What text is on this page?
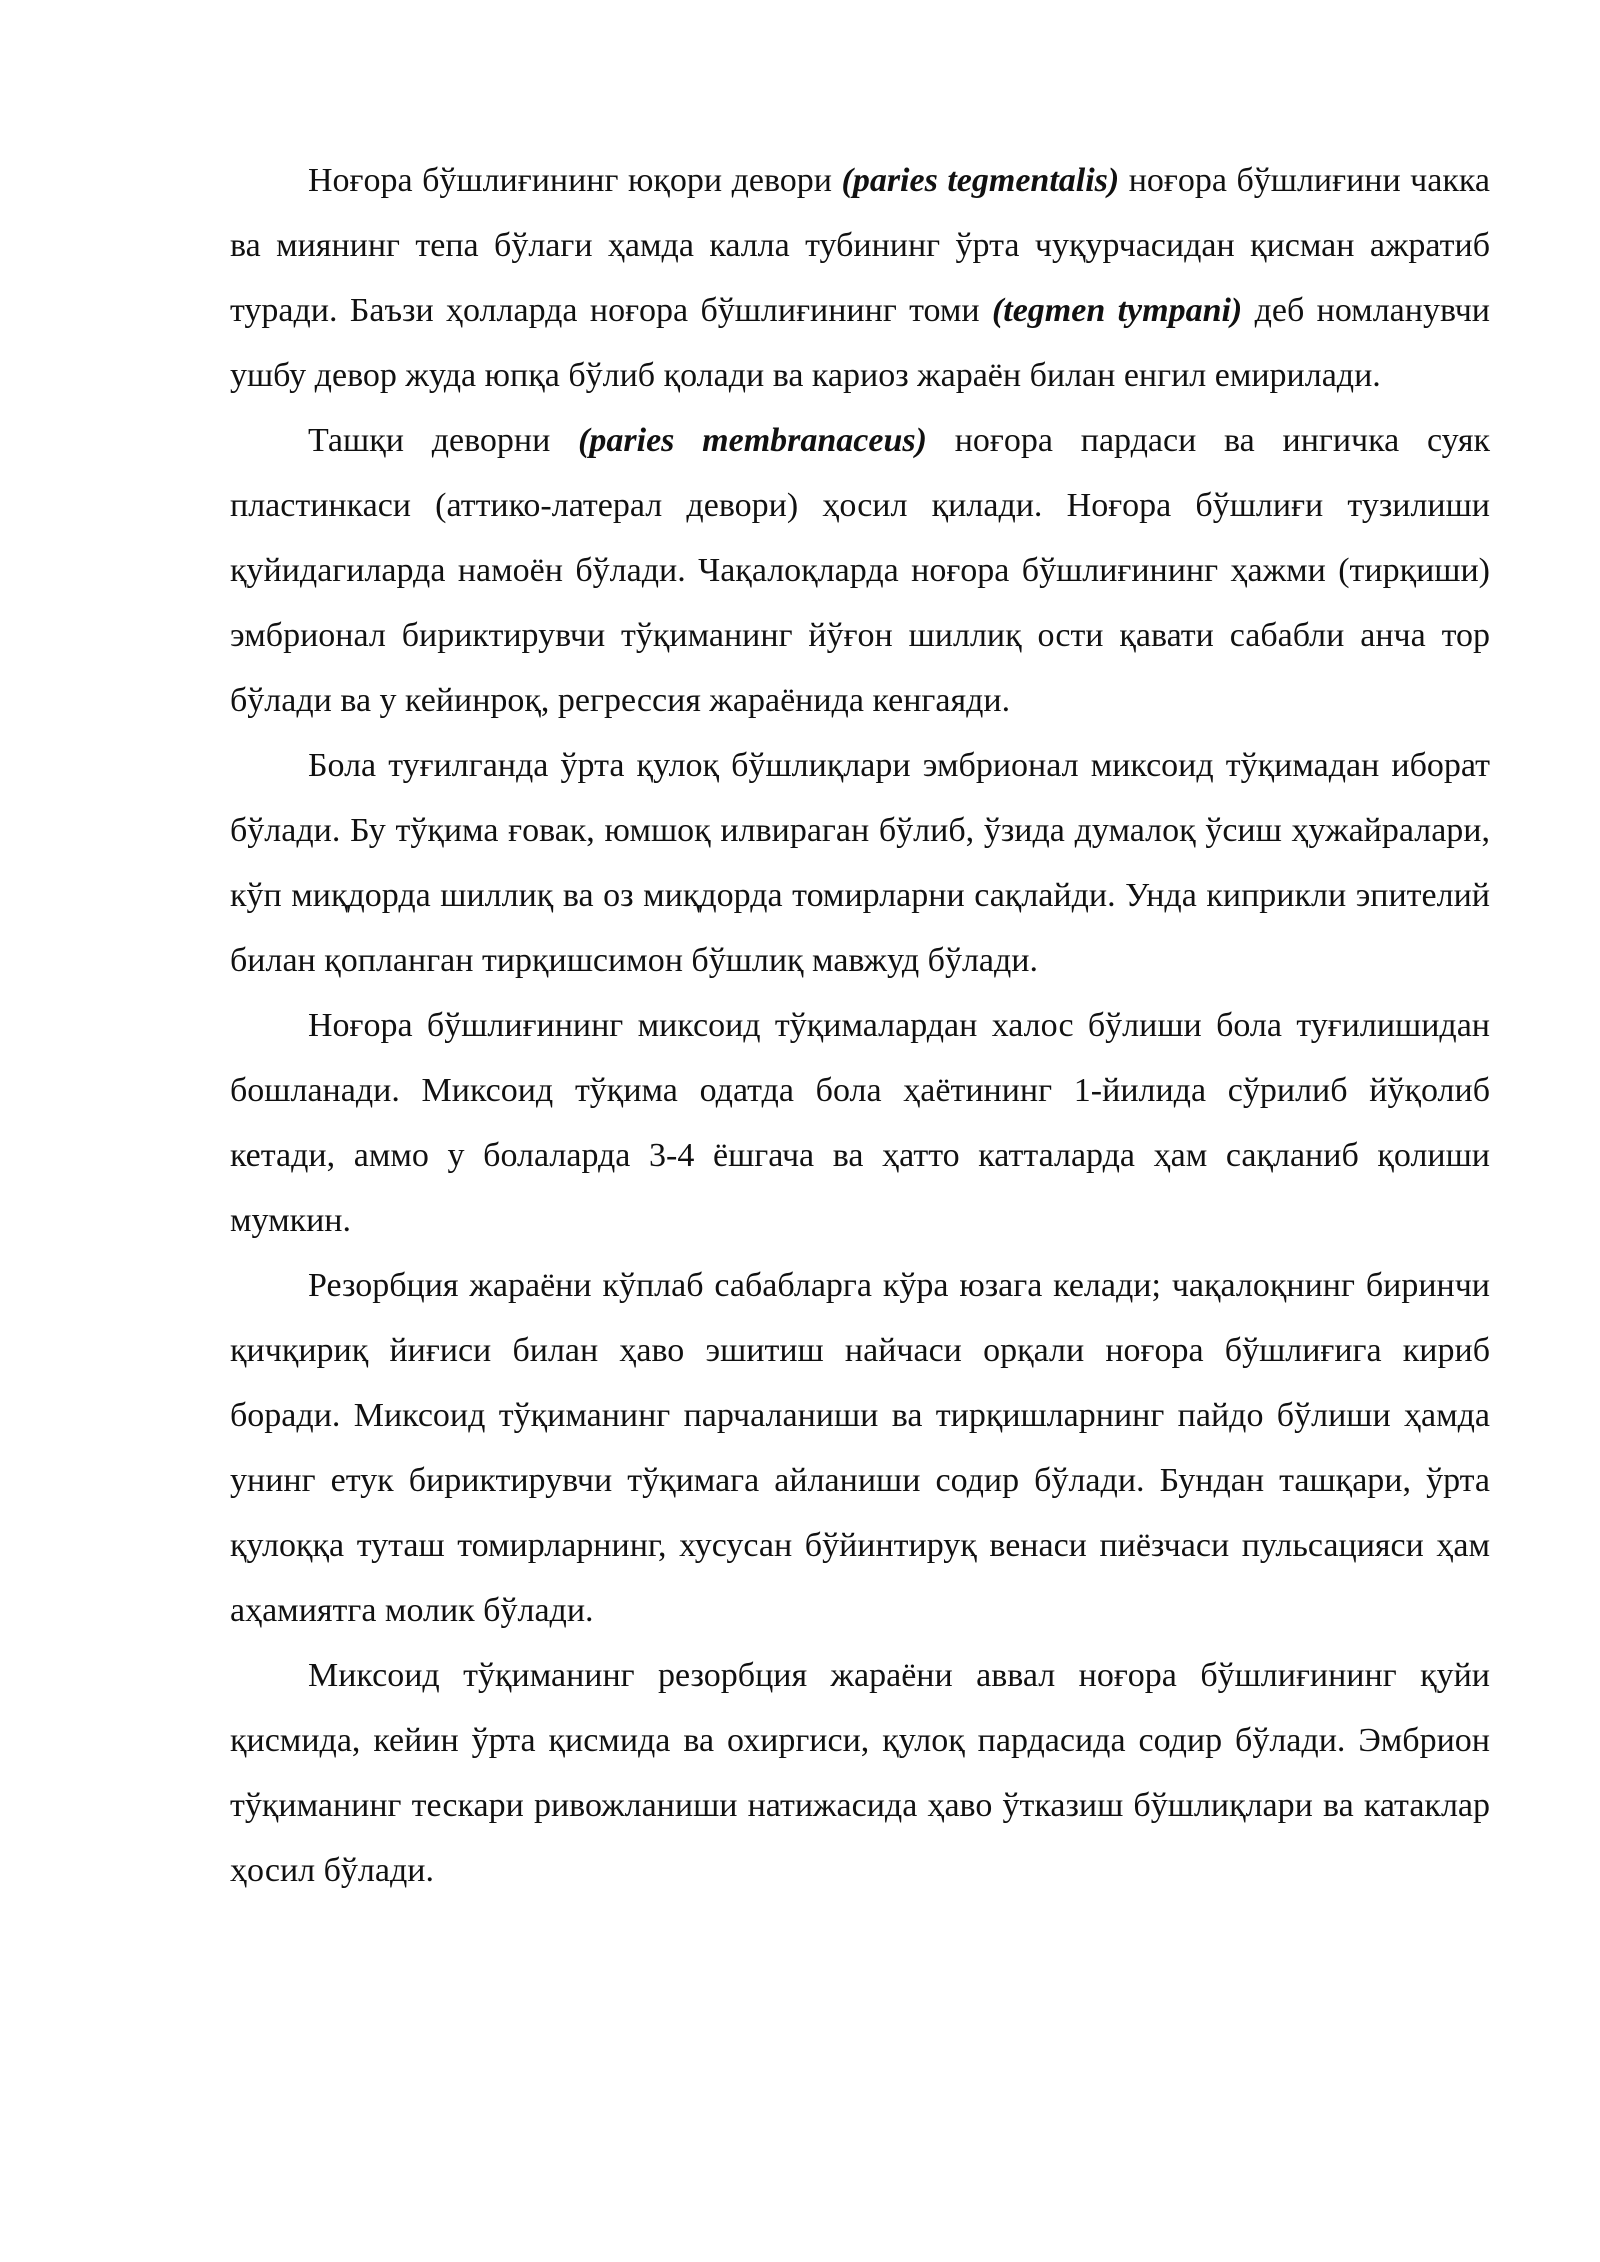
Ноғора бўшлиғининг юқори девори (paries tegmentalis) ноғора бўшлиғини чакка ва миянинг тепа бўлаги ҳамда калла тубининг ўрта чуқурчасидан қисман ажратиб туради. Баъзи ҳолларда ноғора бўшлиғининг томи (tegmen tympani) деб номланувчи ушбу девор жуда юпқа бўлиб қолади ва кариоз жараён билан енгил емирилади.

Ташқи деворни (paries membranaceus) ноғора пардаси ва ингичка суяк пластинкаси (аттико-латерал девори) ҳосил қилади. Ноғора бўшлиғи тузилиши қуйидагиларда намоён бўлади. Чақалоқларда ноғора бўшлиғининг ҳажми (тирқиши) эмбрионал бириктирувчи тўқиманинг йўғон шиллиқ ости қавати сабабли анча тор бўлади ва у кейинроқ, регрессия жараёнида кенгаяди.

Бола туғилганда ўрта қулоқ бўшлиқлари эмбрионал миксоид тўқимадан иборат бўлади. Бу тўқима ғовак, юмшоқ илвираган бўлиб, ўзида думалоқ ўсиш ҳужайралари, кўп миқдорда шиллиқ ва оз миқдорда томирларни сақлайди. Унда киприкли эпителий билан қопланган тирқишсимон бўшлиқ мавжуд бўлади.

Ноғора бўшлиғининг миксоид тўқималардан халос бўлиши бола туғилишидан бошланади. Миксоид тўқима одатда бола ҳаётининг 1-йилида сўрилиб йўқолиб кетади, аммо у болаларда 3-4 ёшгача ва ҳатто катталарда ҳам сақланиб қолиши мумкин.

Резорбция жараёни кўплаб сабабларга кўра юзага келади; чақалоқнинг биринчи қичқириқ йиғиси билан ҳаво эшитиш найчаси орқали ноғора бўшлиғига кириб боради. Миксоид тўқиманинг парчаланиши ва тирқишларнинг пайдо бўлиши ҳамда унинг етук бириктирувчи тўқимага айланиши содир бўлади. Бундан ташқари, ўрта қулоққа туташ томирларнинг, хусусан бўйинтируқ венаси пиёзчаси пульсацияси ҳам аҳамиятга молик бўлади.

Миксоид тўқиманинг резорбция жараёни аввал ноғора бўшлиғининг қуйи қисмида, кейин ўрта қисмида ва охиргиси, қулоқ пардасида содир бўлади. Эмбрион тўқиманинг тескари ривожланиши натижасида ҳаво ўтказиш бўшлиқлари ва катаклар ҳосил бўлади.
